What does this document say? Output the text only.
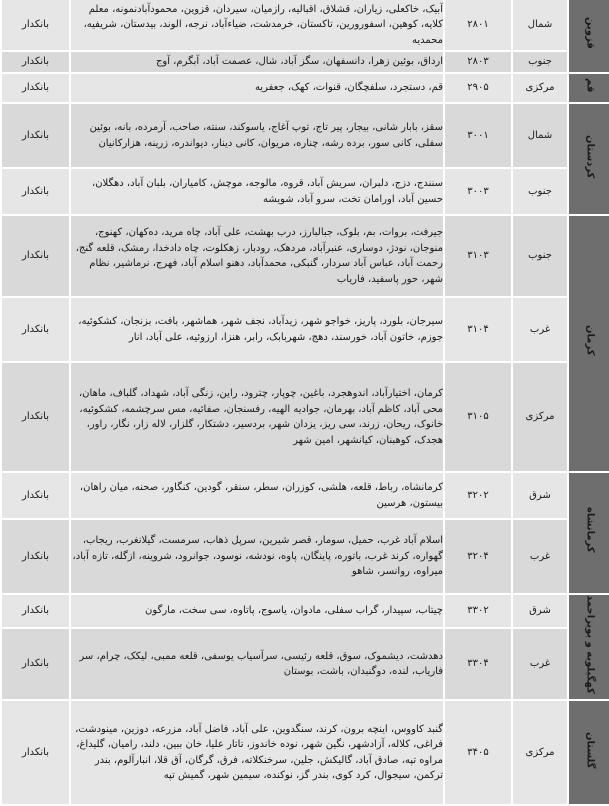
قزوین	شمال	۲۸۰۱	آبیک، خاکعلی، زیاران، قشلاق، اقبالیه، رازمیان، سیردان، قزوین، محمودآبادنمونه، معلم کلایه، کوهین، اسفورورین، تاکستان، خرمدشت، ضیاءآباد، نرجه، الوند، بیدستان، شریفیه، محمدیه	بانکدار
	جنوب	۲۸۰۳	ارداق، بوئین زهرا، دانسفهان، سگز آباد، شال، عصمت آباد، آبگرم، آوج	بانکدار
قم	مرکزی	۲۹۰۵	قم، دستجرد، سلفچگان، قنوات، کهک، جعفریه	بانکدار
کردستان	شمال	۳۰۰۱	سقز، بابار شانی، بیجار، پیر تاج، توپ آغاج، یاسوکند، سنته، صاحب، آرمرده، بانه، بوئین سفلی، کانی سور، برده رشه، چناره، مریوان، کانی دینار، دیواندره، زرینه، هزارکانیان	بانکدار
	جنوب	۳۰۰۳	سنندج، دزج، دلبران، سریش آباد، قروه، مالوجه، موچش، کامیاران، بلبان آباد، دهگلان، حسین آباد، اورامان تخت، سرو آباد، شویشه	بانکدار
کرمان	جنوب	۳۱۰۳	جیرفت، بروات، بم، بلوک، جبالبارز، درب بهشت، علی آباد، چاه مرید، ده‌کهان، کهنوج، منوجان، نودژ، دوساری، عنبرآباد، مردهک، رودبار، زهکلوت، چاه دادخدا، رمشک، قلعه گنج، رحمت آباد، عباس آباد سردار، گنبکی، محمدآباد، دهنو اسلام آباد، فهرج، نرماشیر، نظام شهر، حور پاسفید، فاریاب	بانکدار
	غرب	۳۱۰۴	سیرجان، بلورد، پاریز، خواجو شهر، زیدآباد، نجف شهر، هماشهر، بافت، بزنجان، کشکوئیه، جوزم، خاتون آباد، خورسند، دهج، شهربابک، رابر، هنزا، ارزوئیه، علی آباد، انار	بانکدار
	مرکزی	۳۱۰۵	کرمان، اختیارآباد، اندوهجرد، باغین، چوپار، چترود، راین، زنگی آباد، شهداد، گلباف، ماهان، محی آباد، کاظم آباد، بهرمان، جوادیه الهیه، رفسنجان، صفائیه، مس سرچشمه، کشکوئیه، خانوک، ریحان، زرند، سی ریز، یزدان شهر، بردسیر، دشتکار، گلزار، لاله زار، نگار، راور، هجدک، کوهبنان، کیانشهر، امین شهر	بانکدار
کرمانشاه	شرق	۳۲۰۲	کرمانشاه، رباط، قلعه، هلشی، کوزران، سطر، سنقر، گودین، کنگاور، صحنه، میان راهان، بیستون، هرسین	بانکدار
	غرب	۳۲۰۴	اسلام آباد غرب، حمیل، سومار، قصر شیرین، سرپل ذهاب، سرمست، گیلانغرب، ریجاب، گهواره، کرند غرب، باتوره، پاینگان، پاوه، نودشه، نوسود، جوانرود، شروینه، ازگله، تازه آباد، میراوه، روانسر، شاهو	بانکدار
کهگیلویه و بویراحمد	شرق	۳۳۰۲	چیتاب، سپیدار، گراب سفلی، مادوان، یاسوج، پاتاوه، سی سخت، مارگون	بانکدار
	غرب	۳۳۰۴	دهدشت، دیشموک، سوق، قلعه رئیسی، سرآسیاب یوسفی، قلعه ممبی، لیکک، چرام، سر فاریاب، لنده، دوگنبدان، باشت، بوستان	بانکدار
گلستان	مرکزی	۳۴۰۵	گنبد کاووس، اینچه برون، کرند، سنگدوین، علی آباد، فاضل آباد، مزرعه، دوزین، مینودشت، فراغی، کلاله، آزادشهر، نگین شهر، نوده خاندوز، تاتار علیا، خان ببین، دلند، رامیان، گلیداغ، مراوه تپه، صادق آباد، گالیکش، جلین، سرخنکلاته، فرق، گرگان، آق قلا، انبارآلوم، بندر ترکمن، سیجوال، کرد کوی، بندر گز، نوکنده، سیمین شهر، گمیش تپه	بانکدار
